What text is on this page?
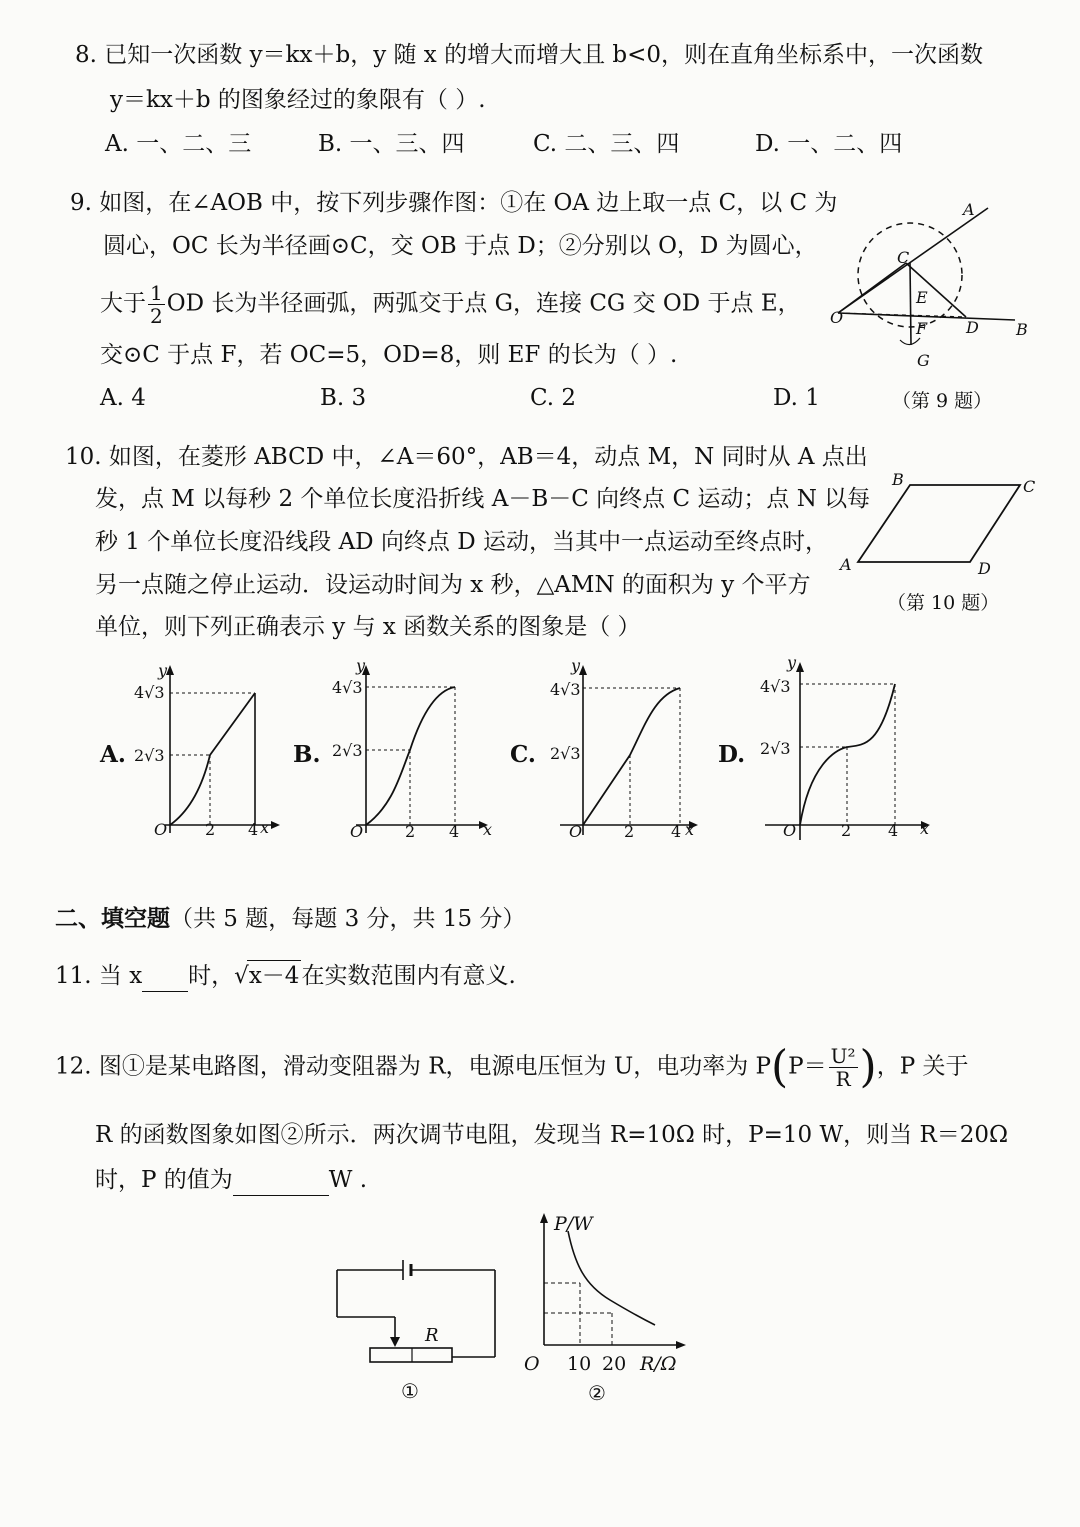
8. 已知一次函数 y＝kx＋b，y 随 x 的增大而增大且 b<0，则在直角坐标系中，一次函数
y＝kx＋b 的图象经过的象限有（ ）.
A. 一、二、三	B. 一、三、四	C. 二、三、四	D. 一、二、四
9. 如图，在∠AOB 中，按下列步骤作图：①在 OA 边上取一点 C，以 C 为
圆心，OC 长为半径画⊙C，交 OB 于点 D；②分别以 O，D 为圆心，
大于 $\frac{1}{2}$ OD 长为半径画弧，两弧交于点 G，连接 CG 交 OD 于点 E，
交⊙C 于点 F，若 OC=5，OD=8，则 EF 的长为（ ）.
A. 4	B. 3	C. 2	D. 1	（第 9 题）
A
B
C
D
E
F
G
O
10. 如图，在菱形 ABCD 中，∠A＝60°，AB＝4，动点 M，N 同时从 A 点出
发，点 M 以每秒 2 个单位长度沿折线 A－B－C 向终点 C 运动；点 N 以每
秒 1 个单位长度沿线段 AD 向终点 D 运动，当其中一点运动至终点时，
另一点随之停止运动．设运动时间为 x 秒，△AMN 的面积为 y 个平方
单位，则下列正确表示 y 与 x 函数关系的图象是（ ）
（第 10 题）
A
B	C
D
A.	B.	C.	D.
y
x
O 2 4
4√3
2√3
y
x
O	2 4
4√3
2√3
y
x
O	2 4
4√3
2√3
y
x
O	2 4
4√3
2√3
二、填空题（共 5 题，每题 3 分，共 15 分）
11. 当 x 时，√x－4在实数范围内有意义.
12. 图①是某电路图，滑动变阻器为 R，电源电压恒为 U，电功率为 $P(P= \frac{\text{U²}}{R}$ )，P 关于
R 的函数图象如图②所示．两次调节电阻，发现当 R=10Ω 时，P=10 W，则当 R＝20Ω
时，P 的值为	W .
R
①
P/W
O 10 20 R/Ω
②
